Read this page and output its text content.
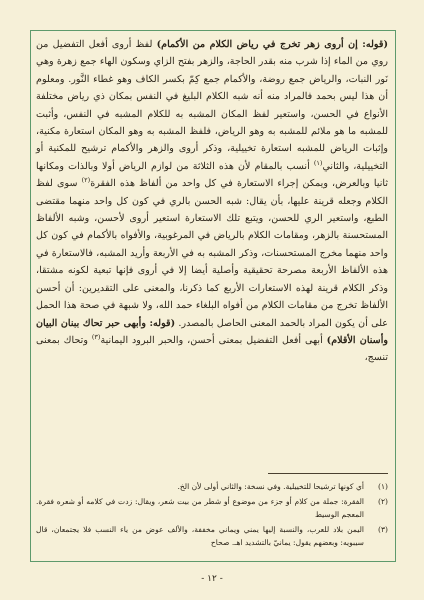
(قوله: إن أروى زهر تخرج في رياض الكلام من الأكمام) لفظ أروى أفعل التفضيل من روي من الماء إذا شرب منه بقدر الحاجة، والزهر بفتح الزاي وسكون الهاء جمع زهرة وهي نَور النبات، والرياض جمع روضة، والأكمام جمع كِمّ بكسر الكاف وهو غطاء النَّور. ومعلوم أن هذا ليس بحمد فالمراد منه أنه شبه الكلام البليغ في النفس بمكان ذي رياض مختلفة الأنواع في الحسن، واستعير لفظ المكان المشبه به للكلام المشبه في النفس، وأثبت للمشبه ما هو ملائم للمشبه به وهو الرياض، فلفظ المشبه به وهو المكان استعارة مكنية، وإثبات الرياض للمشبه استعارة تخييلية، وذكر أروى والزهر والأكمام ترشيح للمكنية أو التخييلية، والثاني$^{(١)}$ أنسب بالمقام لأن هذه الثلاثة من لوازم الرياض أولا وبالذات ومكانها ثانيا وبالعرض، ويمكن إجراء الاستعارة في كل واحد من ألفاظ هذه الفقرة$^{(٢)}$ سوى لفظ الكلام وجعله قرينة عليها، بأن يقال: شبه الحسن بالري في كون كل واحد منهما مقتضى الطبع، واستعير الري للحسن، ويتبع تلك الاستعارة استعير أروى لأحسن، وشبه الألفاظ المستحسنة بالزهر، ومقامات الكلام بالرياض في المرغوبية، والأفواه بالأكمام في كون كل واحد منهما مخرج المستحسنات، وذكر المشبه به في الأربعة وأريد المشبه، فالاستعارة في هذه الألفاظ الأربعة مصرحة تحقيقية وأصلية أيضا إلا في أروى فإنها تبعية لكونه مشتقا، وذكر الكلام قرينة لهذه الاستعارات الأربع كما ذكرنا، والمعنى على التقديرين: أن أحسن الألفاظ تخرج من مقامات الكلام من أفواه البلغاء حمد الله، ولا شبهة في صحة هذا الحمل على أن يكون المراد بالحمد المعنى الحاصل بالمصدر. (قوله: وأبهى حبر تحاك ببنان البيان وأسنان الأقلام) أبهى أفعل التفضيل بمعنى أحسن، والحبر البرود اليمانية$^{(٣)}$ وتحاك بمعنى تنسج،

(١)
أي كونها ترشيحا للتخييلية. وفي نسخة: والثاني أولى لأن الخ.
(٢)
الفقرة: جملة من كلام أو جزء من موضوع أو شطر من بيت شعر، ويقال: زدت في كلامه أو شعره فقرة. المعجم الوسيط
(٣)
اليمن بلاد للعرب، والنسبة إليها يمني ويماني مخففة، والألف عوض من ياء النسب فلا يجتمعان، قال سيبويه: وبعضهم يقول: يمانيّ بالتشديد اهـ. صحاح
- ١٢ -
